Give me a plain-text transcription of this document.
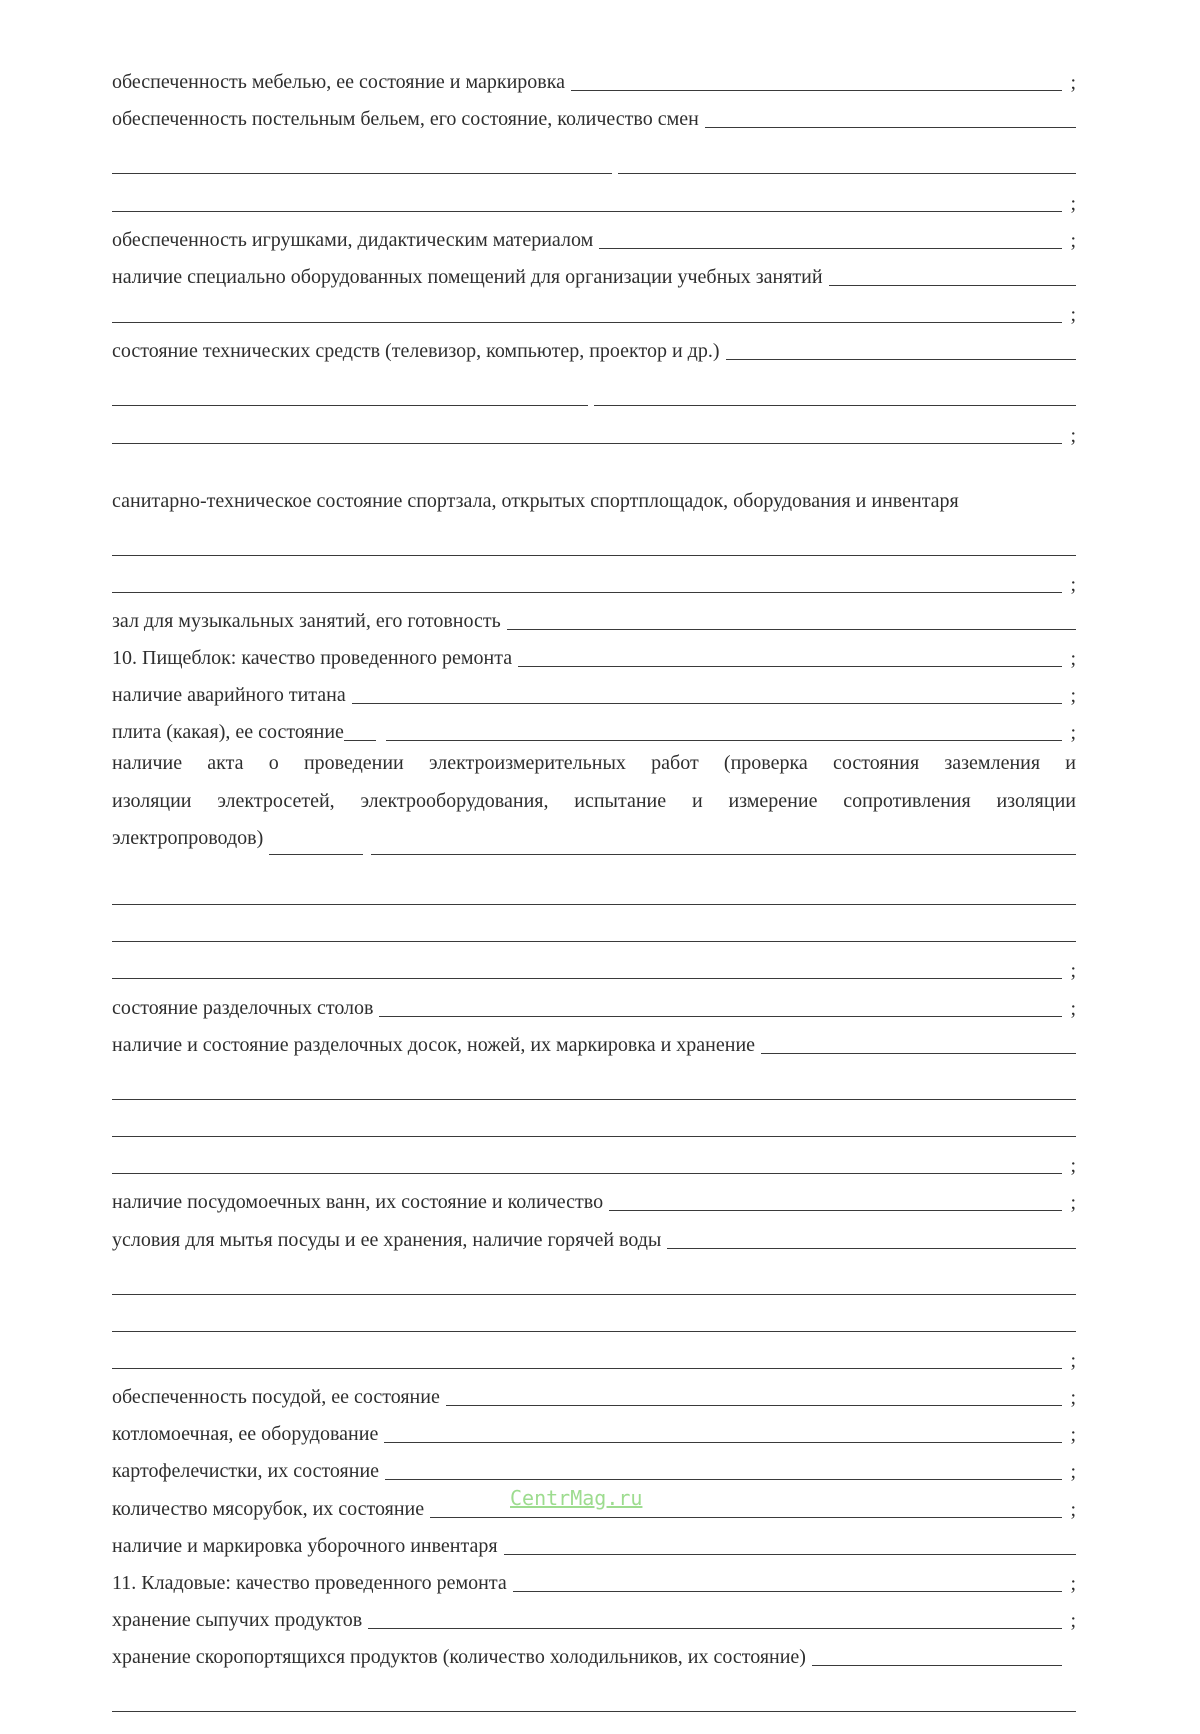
обеспеченность мебелью, ее состояние и маркировка	;
обеспеченность постельным бельем, его состояние, количество смен
;
обеспеченность игрушками, дидактическим материалом	;
наличие специально оборудованных помещений для организации учебных занятий
;
состояние технических средств (телевизор, компьютер, проектор и др.)
;
санитарно-техническое состояние спортзала, открытых спортплощадок, оборудования и инвентаря
;
зал для музыкальных занятий, его готовность
10. Пищеблок: качество проведенного ремонта	;
наличие аварийного титана	;
плита (какая), ее состояние	;
наличие акта о проведении электроизмерительных работ (проверка состояния заземления и
изоляции электросетей, электрооборудования, испытание и измерение сопротивления изоляции
электропроводов)
;
состояние разделочных столов	;
наличие и состояние разделочных досок, ножей, их маркировка и хранение
;
наличие посудомоечных ванн, их состояние и количество	;
условия для мытья посуды и ее хранения, наличие горячей воды
;
обеспеченность посудой, ее состояние	;
котломоечная, ее оборудование	;
картофелечистки, их состояние	;
количество мясорубок, их состояние	;
наличие и маркировка уборочного инвентаря
11. Кладовые: качество проведенного ремонта	;
хранение сыпучих продуктов	;
хранение скоропортящихся продуктов (количество холодильников, их состояние)
CentrMag.ru
